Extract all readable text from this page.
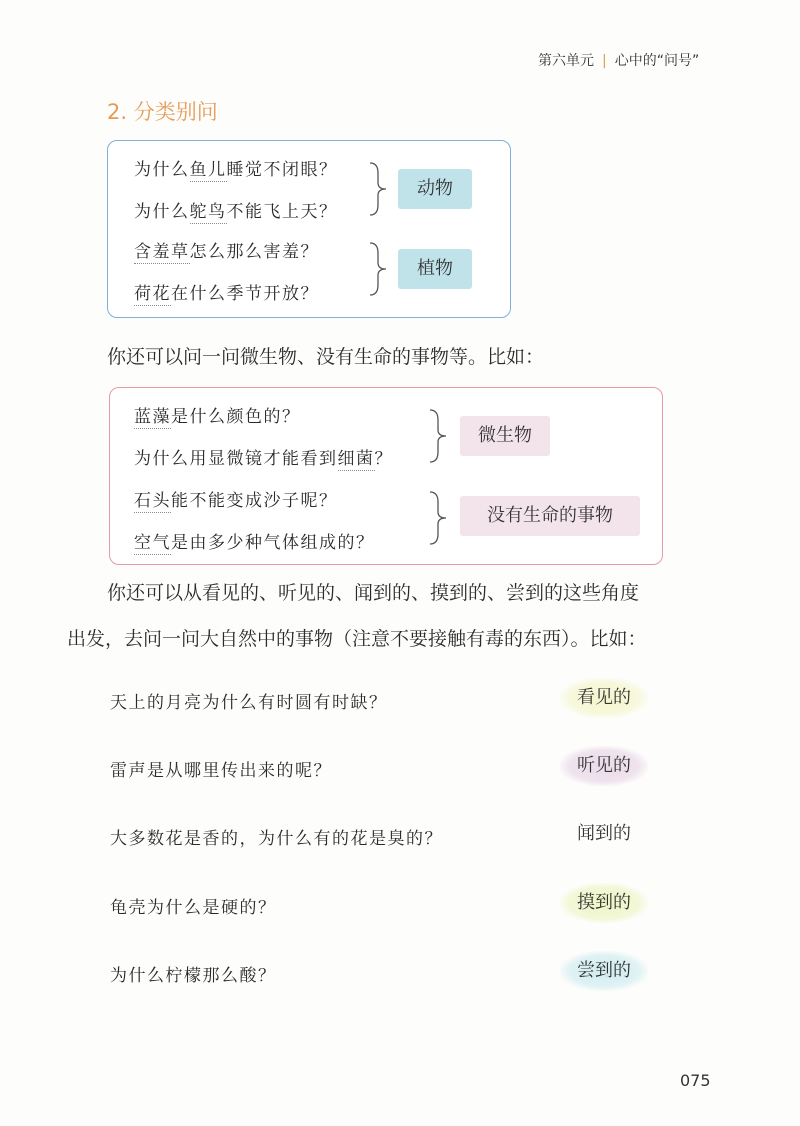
第六单元 | 心中的“问号”
2. 分类别问
为什么鱼儿睡觉不闭眼？
为什么鸵鸟不能飞上天？
动物
含羞草怎么那么害羞？
荷花在什么季节开放？
植物
你还可以问一问微生物、没有生命的事物等。比如：
蓝藻是什么颜色的？
为什么用显微镜才能看到细菌？
微生物
石头能不能变成沙子呢？
空气是由多少种气体组成的？
没有生命的事物
你还可以从看见的、听见的、闻到的、摸到的、尝到的这些角度
出发，去问一问大自然中的事物（注意不要接触有毒的东西）。比如：
天上的月亮为什么有时圆有时缺？	看见的
雷声是从哪里传出来的呢？	听见的
大多数花是香的，为什么有的花是臭的？	闻到的
龟壳为什么是硬的？	摸到的
为什么柠檬那么酸？	尝到的
075
